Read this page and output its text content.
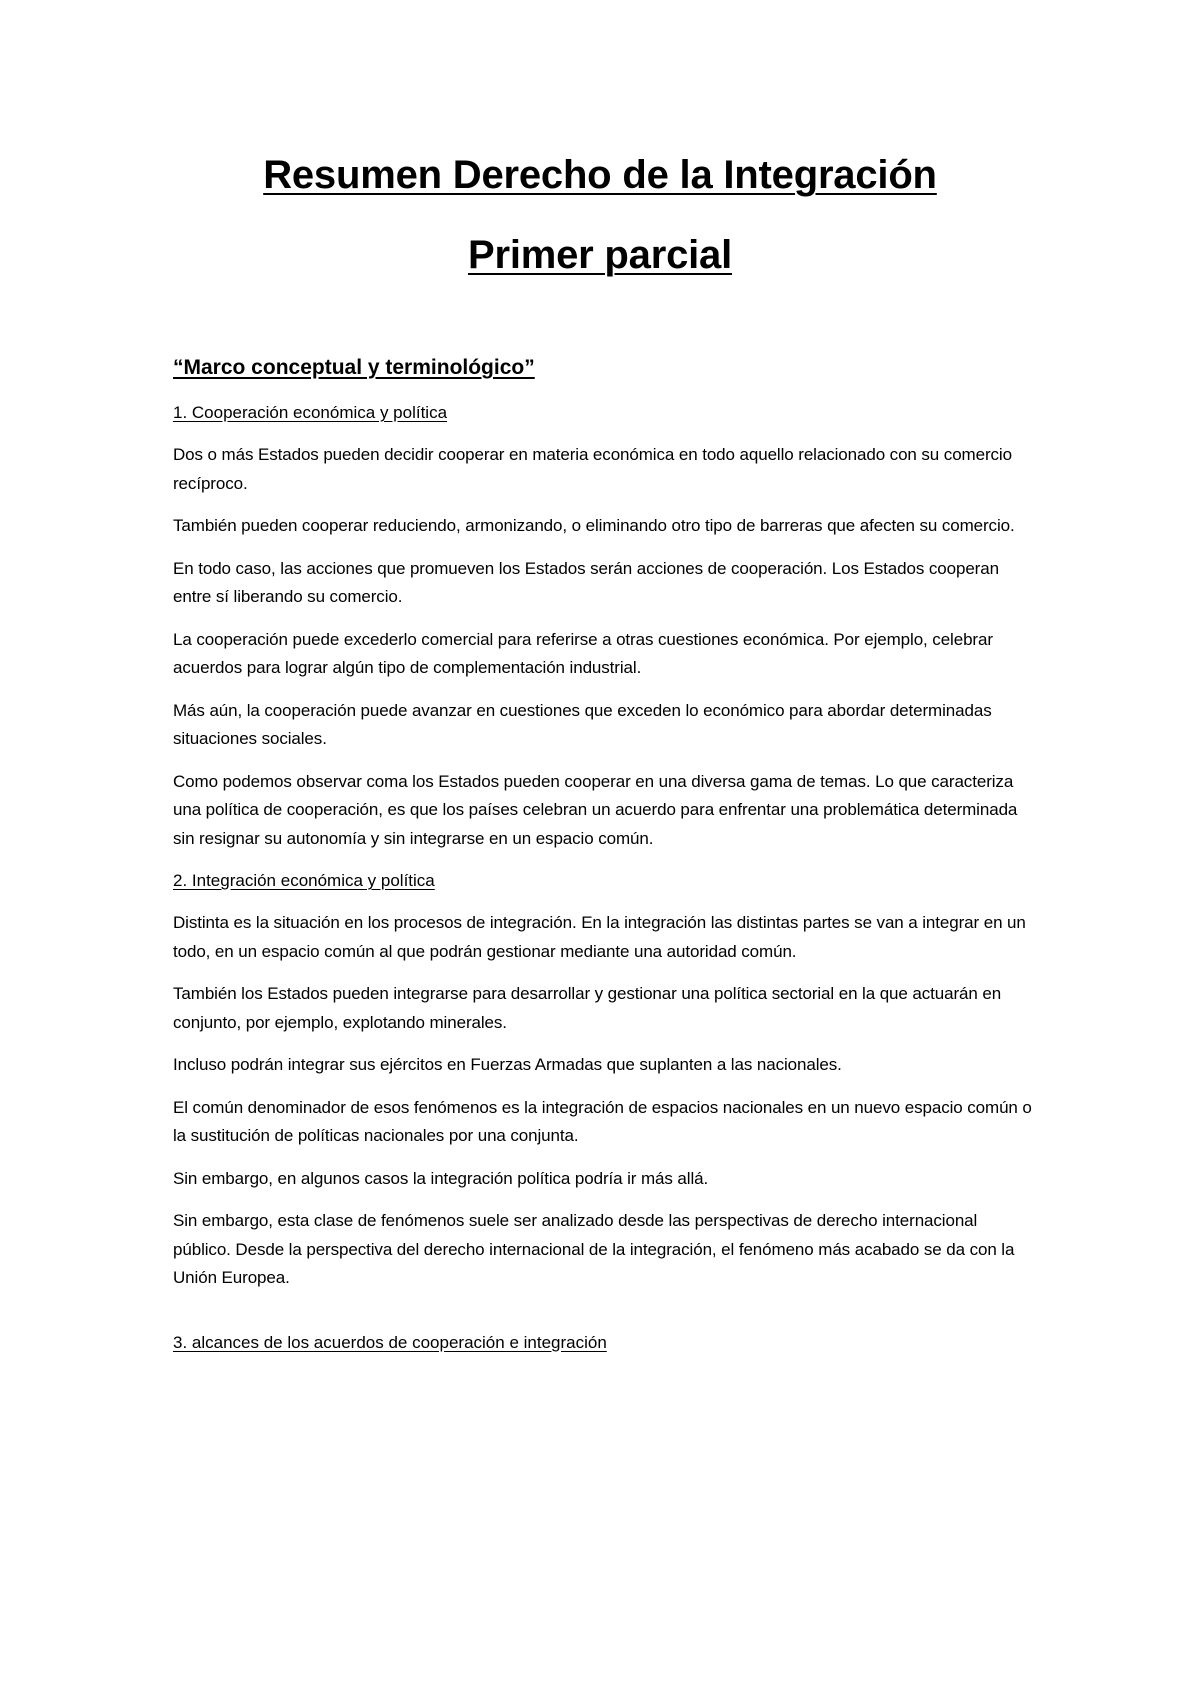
Resumen Derecho de la Integración
Primer parcial
“Marco conceptual y terminológico”
1. Cooperación económica y política

Dos o más Estados pueden decidir cooperar en materia económica en todo aquello relacionado con su comercio recíproco.

También pueden cooperar reduciendo, armonizando, o eliminando otro tipo de barreras que afecten su comercio.

En todo caso, las acciones que promueven los Estados serán acciones de cooperación. Los Estados cooperan entre sí liberando su comercio.

La cooperación puede excederlo comercial para referirse a otras cuestiones económica. Por ejemplo, celebrar acuerdos para lograr algún tipo de complementación industrial.

Más aún, la cooperación puede avanzar en cuestiones que exceden lo económico para abordar determinadas situaciones sociales.

Como podemos observar coma los Estados pueden cooperar en una diversa gama de temas. Lo que caracteriza una política de cooperación, es que los países celebran un acuerdo para enfrentar una problemática determinada sin resignar su autonomía y sin integrarse en un espacio común.

2. Integración económica y política

Distinta es la situación en los procesos de integración. En la integración las distintas partes se van a integrar en un todo, en un espacio común al que podrán gestionar mediante una autoridad común.

También los Estados pueden integrarse para desarrollar y gestionar una política sectorial en la que actuarán en conjunto, por ejemplo, explotando minerales.

Incluso podrán integrar sus ejércitos en Fuerzas Armadas que suplanten a las nacionales.

El común denominador de esos fenómenos es la integración de espacios nacionales en un nuevo espacio común o la sustitución de políticas nacionales por una conjunta.

Sin embargo, en algunos casos la integración política podría ir más allá.

Sin embargo, esta clase de fenómenos suele ser analizado desde las perspectivas de derecho internacional público. Desde la perspectiva del derecho internacional de la integración, el fenómeno más acabado se da con la Unión Europea.

3. alcances de los acuerdos de cooperación e integración
